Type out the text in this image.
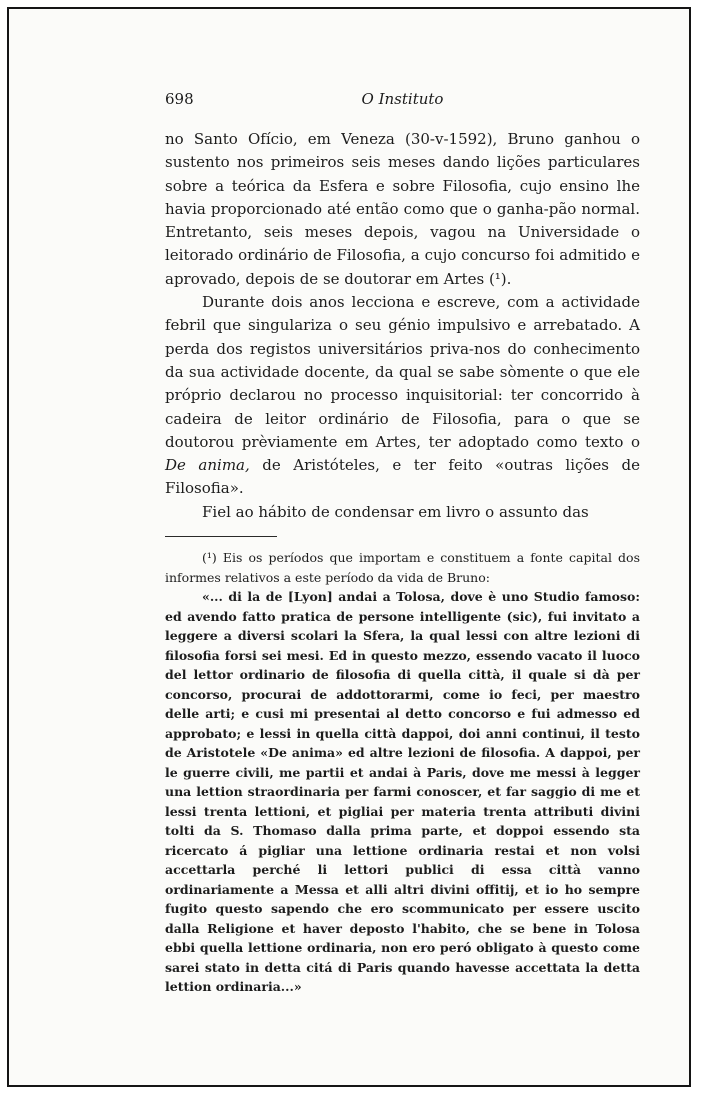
698	O Instituto

no Santo Ofício, em Veneza (30-v-1592), Bruno ganhou o sustento nos primeiros seis meses dando lições particulares sobre a teórica da Esfera e sobre Filosofia, cujo ensino lhe havia proporcionado até então como que o ganha-pão normal. Entretanto, seis meses depois, vagou na Universidade o leitorado ordinário de Filosofia, a cujo concurso foi admitido e aprovado, depois de se doutorar em Artes (¹).

Durante dois anos lecciona e escreve, com a actividade febril que singulariza o seu génio impulsivo e arrebatado. A perda dos registos universitários priva-nos do conhecimento da sua actividade docente, da qual se sabe sòmente o que ele próprio declarou no processo inquisitorial: ter concorrido à cadeira de leitor ordinário de Filosofia, para o que se doutorou prèviamente em Artes, ter adoptado como texto o De anima, de Aristóteles, e ter feito «outras lições de Filosofia».

Fiel ao hábito de condensar em livro o assunto das

(¹) Eis os períodos que importam e constituem a fonte capital dos informes relativos a este período da vida de Bruno:

«... di la de [Lyon] andai a Tolosa, dove è uno Studio famoso: ed avendo fatto pratica de persone intelligente (sic), fui invitato a leggere a diversi scolari la Sfera, la qual lessi con altre lezioni di filosofia forsi sei mesi. Ed in questo mezzo, essendo vacato il luoco del lettor ordinario de filosofia di quella città, il quale si dà per concorso, procurai de addottorarmi, come io feci, per maestro delle arti; e cusi mi presentai al detto concorso e fui admesso ed approbato; e lessi in quella città dappoi, doi anni continui, il testo de Aristotele «De anima» ed altre lezioni de filosofia. A dappoi, per le guerre civili, me partii et andai à Paris, dove me messi à legger una lettion straordinaria per farmi conoscer, et far saggio di me et lessi trenta lettioni, et pigliai per materia trenta attributi divini tolti da S. Thomaso dalla prima parte, et doppoi essendo sta ricercato á pigliar una lettione ordinaria restai et non volsi accettarla perché li lettori publici di essa città vanno ordinariamente a Messa et alli altri divini offitij, et io ho sempre fugito questo sapendo che ero scommunicato per essere uscito dalla Religione et haver deposto l'habito, che se bene in Tolosa ebbi quella lettione ordinaria, non ero peró obligato à questo come sarei stato in detta citá di Paris quando havesse accettata la detta lettion ordinaria...»
